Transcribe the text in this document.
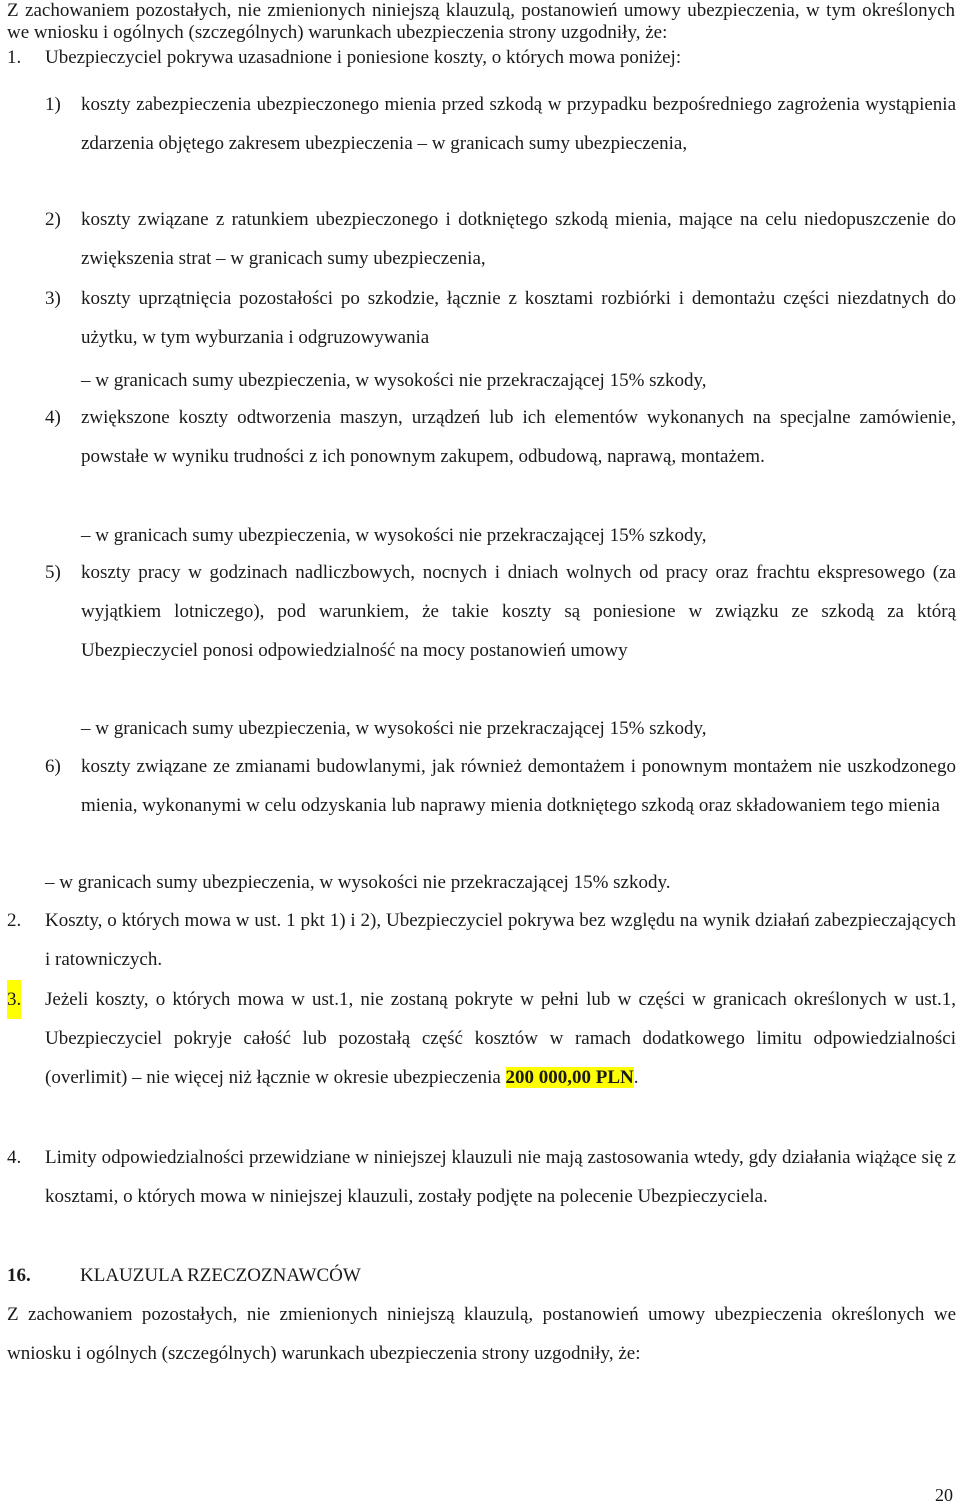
Z zachowaniem pozostałych, nie zmienionych niniejszą klauzulą, postanowień umowy ubezpieczenia, w tym określonych we wniosku i ogólnych (szczególnych) warunkach ubezpieczenia strony uzgodniły, że:
1. Ubezpieczyciel pokrywa uzasadnione i poniesione koszty, o których mowa poniżej:
1) koszty zabezpieczenia ubezpieczonego mienia przed szkodą w przypadku bezpośredniego zagrożenia wystąpienia zdarzenia objętego zakresem ubezpieczenia – w granicach sumy ubezpieczenia,
2) koszty związane z ratunkiem ubezpieczonego i dotkniętego szkodą mienia, mające na celu niedopuszczenie do zwiększenia strat – w granicach sumy ubezpieczenia,
3) koszty uprzątnięcia pozostałości po szkodzie, łącznie z kosztami rozbiórki i demontażu części niezdatnych do użytku, w tym wyburzania i odgruzowywania
– w granicach sumy ubezpieczenia, w wysokości nie przekraczającej 15% szkody,
4) zwiększone koszty odtworzenia maszyn, urządzeń lub ich elementów wykonanych na specjalne zamówienie, powstałe w wyniku trudności z ich ponownym zakupem, odbudową, naprawą, montażem.
– w granicach sumy ubezpieczenia, w wysokości nie przekraczającej 15% szkody,
5) koszty pracy w godzinach nadliczbowych, nocnych i dniach wolnych od pracy oraz frachtu ekspresowego (za wyjątkiem lotniczego), pod warunkiem, że takie koszty są poniesione w związku ze szkodą za którą Ubezpieczyciel ponosi odpowiedzialność na mocy postanowień umowy
– w granicach sumy ubezpieczenia, w wysokości nie przekraczającej 15% szkody,
6) koszty związane ze zmianami budowlanymi, jak również demontażem i ponownym montażem nie uszkodzonego mienia, wykonanymi w celu odzyskania lub naprawy mienia dotkniętego szkodą oraz składowaniem tego mienia
– w granicach sumy ubezpieczenia, w wysokości nie przekraczającej 15% szkody.
2. Koszty, o których mowa w ust. 1 pkt 1) i 2), Ubezpieczyciel pokrywa bez względu na wynik działań zabezpieczających i ratowniczych.
3. Jeżeli koszty, o których mowa w ust.1, nie zostaną pokryte w pełni lub w części w granicach określonych w ust.1, Ubezpieczyciel pokryje całość lub pozostałą część kosztów w ramach dodatkowego limitu odpowiedzialności (overlimit) – nie więcej niż łącznie w okresie ubezpieczenia 200 000,00 PLN.
4. Limity odpowiedzialności przewidziane w niniejszej klauzuli nie mają zastosowania wtedy, gdy działania wiążące się z kosztami, o których mowa w niniejszej klauzuli, zostały podjęte na polecenie Ubezpieczyciela.
16.	KLAUZULA RZECZOZNAWCÓW
Z zachowaniem pozostałych, nie zmienionych niniejszą klauzulą, postanowień umowy ubezpieczenia określonych we wniosku i ogólnych (szczególnych) warunkach ubezpieczenia strony uzgodniły, że:
20
